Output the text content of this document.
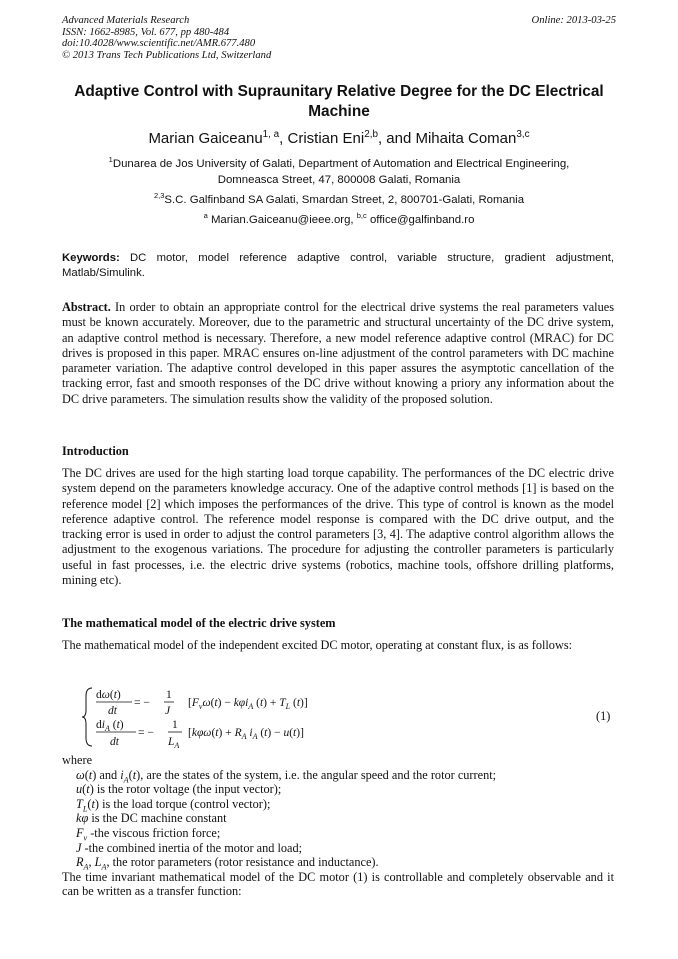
Advanced Materials Research
ISSN: 1662-8985, Vol. 677, pp 480-484
doi:10.4028/www.scientific.net/AMR.677.480
© 2013 Trans Tech Publications Ltd, Switzerland
Online: 2013-03-25
Adaptive Control with Supraunitary Relative Degree for the DC Electrical
Machine
Marian Gaiceanu$^{1, a}$, Cristian Eni$^{2,b}$, and Mihaita Coman$^{3,c}$
$^1$Dunarea de Jos University of Galati, Department of Automation and Electrical Engineering,
Domneasca Street, 47, 800008 Galati, Romania
$^{2,3}$S.C. Galfinband SA Galati, Smardan Street, 2, 800701-Galati, Romania
$^a$ Marian.Gaiceanu@ieee.org, $^{b,c}$ office@galfinband.ro
Keywords: DC motor, model reference adaptive control, variable structure, gradient adjustment, Matlab/Simulink.
Abstract. In order to obtain an appropriate control for the electrical drive systems the real parameters values must be known accurately. Moreover, due to the parametric and structural uncertainty of the DC drive system, an adaptive control method is necessary. Therefore, a new model reference adaptive control (MRAC) for DC drives is proposed in this paper. MRAC ensures on-line adjustment of the control parameters with DC machine parameter variation. The adaptive control developed in this paper assures the asymptotic cancellation of the tracking error, fast and smooth responses of the DC drive without knowing a priory any information about the DC drive parameters. The simulation results show the validity of the proposed solution.
Introduction
The DC drives are used for the high starting load torque capability. The performances of the DC electric drive system depend on the parameters knowledge accuracy. One of the adaptive control methods [1] is based on the reference model [2] which imposes the performances of the drive. This type of control is known as the model reference adaptive control. The reference model response is compared with the DC drive output, and the tracking error is used in order to adjust the control parameters [3, 4]. The adaptive control algorithm allows the adjustment to the exogenous variations. The procedure for adjusting the controller parameters is particularly useful in fast processes, i.e. the electric drive systems (robotics, machine tools, offshore drilling platforms, mining etc).
The mathematical model of the electric drive system
The mathematical model of the independent excited DC motor, operating at constant flux, is as follows:
dω(t)
dt
= −
1
J
[$F_v\omega(t) - k\varphi i_A$ $(t) + T_L$ (t)]
$di_A$ (t)
dt
= −
1
$L_A$
[$k\varphi\omega(t) + R_A$ $i_A$ (t) − u(t)]
(1)
where
ω(t) and $i_A(t)$, are the states of the system, i.e. the angular speed and the rotor current;
u(t) is the rotor voltage (the input vector);
$T_L(t)$ is the load torque (control vector);
kφ is the DC machine constant
$F_v$ -the viscous friction force;
J -the combined inertia of the motor and load;
$R_A$, $L_A$, the rotor parameters (rotor resistance and inductance).
The time invariant mathematical model of the DC motor (1) is controllable and completely observable and it can be written as a transfer function:
